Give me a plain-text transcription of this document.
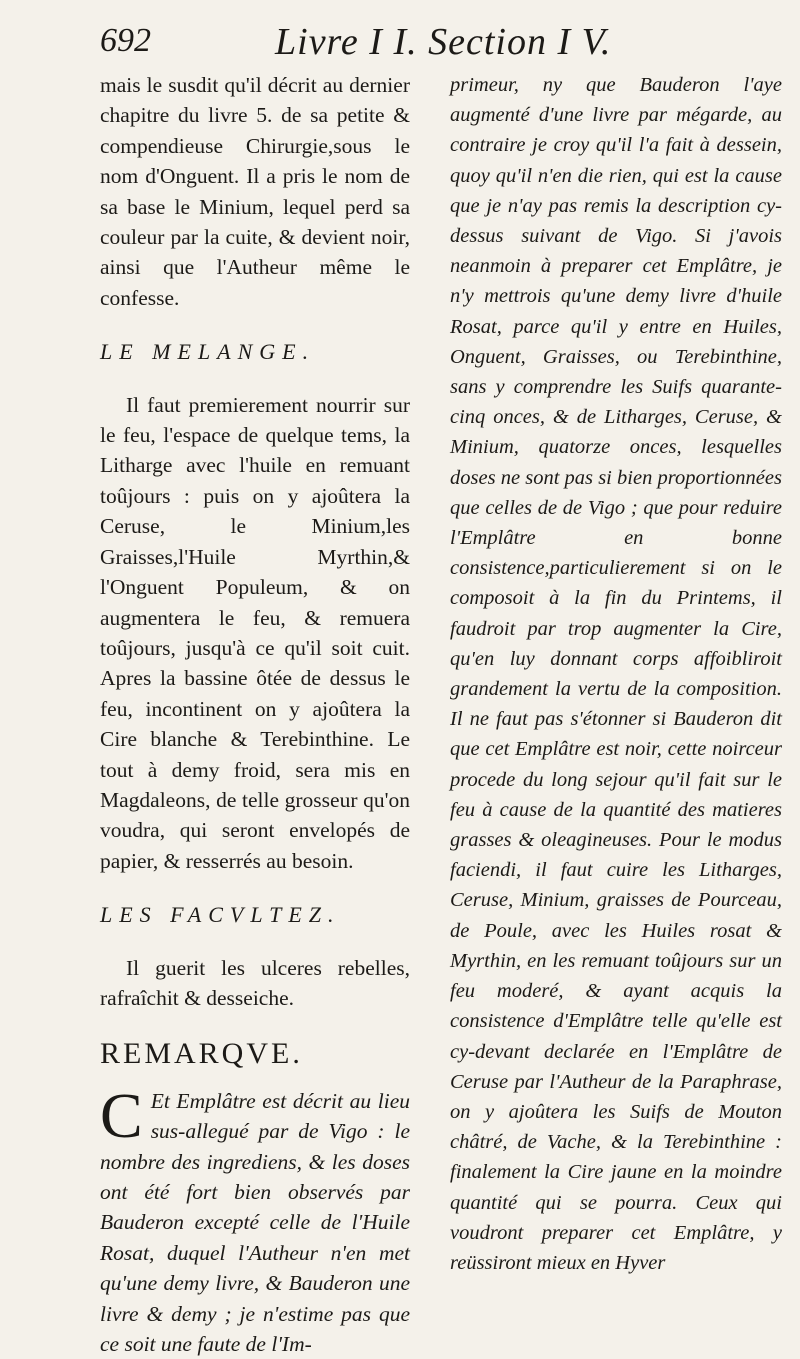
692	Livre I I. Section I V.

mais le susdit qu'il décrit au dernier chapitre du livre 5. de sa petite & compendieuse Chirurgie,sous le nom d'Onguent. Il a pris le nom de sa base le Minium, lequel perd sa couleur par la cuite, & devient noir, ainsi que l'Autheur même le confesse.

LE MELANGE.

Il faut premierement nourrir sur le feu, l'espace de quelque tems, la Litharge avec l'huile en remuant toûjours : puis on y ajoûtera la Ceruse, le Minium,les Graisses,l'Huile Myrthin,& l'Onguent Populeum, & on augmentera le feu, & remuera toûjours, jusqu'à ce qu'il soit cuit. Apres la bassine ôtée de dessus le feu, incontinent on y ajoûtera la Cire blanche & Terebinthine. Le tout à demy froid, sera mis en Magdaleons, de telle grosseur qu'on voudra, qui seront envelopés de papier, & resserrés au besoin.

LES FACVLTEZ.

Il guerit les ulceres rebelles, rafraîchit & desseiche.

REMARQVE.

C Et Emplâtre est décrit au lieu sus-allegué par de Vigo : le nombre des ingrediens, & les doses ont été fort bien observés par Bauderon excepté celle de l'Huile Rosat, duquel l'Autheur n'en met qu'une demy livre, & Bauderon une livre & demy ; je n'estime pas que ce soit une faute de l'Im-

primeur, ny que Bauderon l'aye augmenté d'une livre par mégarde, au contraire je croy qu'il l'a fait à dessein, quoy qu'il n'en die rien, qui est la cause que je n'ay pas remis la description cy-dessus suivant de Vigo. Si j'avois neanmoin à preparer cet Emplâtre, je n'y mettrois qu'une demy livre d'huile Rosat, parce qu'il y entre en Huiles, Onguent, Graisses, ou Terebinthine, sans y comprendre les Suifs quarante-cinq onces, & de Litharges, Ceruse, & Minium, quatorze onces, lesquelles doses ne sont pas si bien proportionnées que celles de de Vigo ; que pour reduire l'Emplâtre en bonne consistence,particulierement si on le composoit à la fin du Printems, il faudroit par trop augmenter la Cire, qu'en luy donnant corps affoibliroit grandement la vertu de la composition. Il ne faut pas s'étonner si Bauderon dit que cet Emplâtre est noir, cette noirceur procede du long sejour qu'il fait sur le feu à cause de la quantité des matieres grasses & oleagineuses. Pour le modus faciendi, il faut cuire les Litharges, Ceruse, Minium, graisses de Pourceau, de Poule, avec les Huiles rosat & Myrthin, en les remuant toûjours sur un feu moderé, & ayant acquis la consistence d'Emplâtre telle qu'elle est cy-devant declarée en l'Emplâtre de Ceruse par l'Autheur de la Paraphrase, on y ajoûtera les Suifs de Mouton châtré, de Vache, & la Terebinthine : finalement la Cire jaune en la moindre quantité qui se pourra. Ceux qui voudront preparer cet Emplâtre, y reüssiront mieux en Hyver
